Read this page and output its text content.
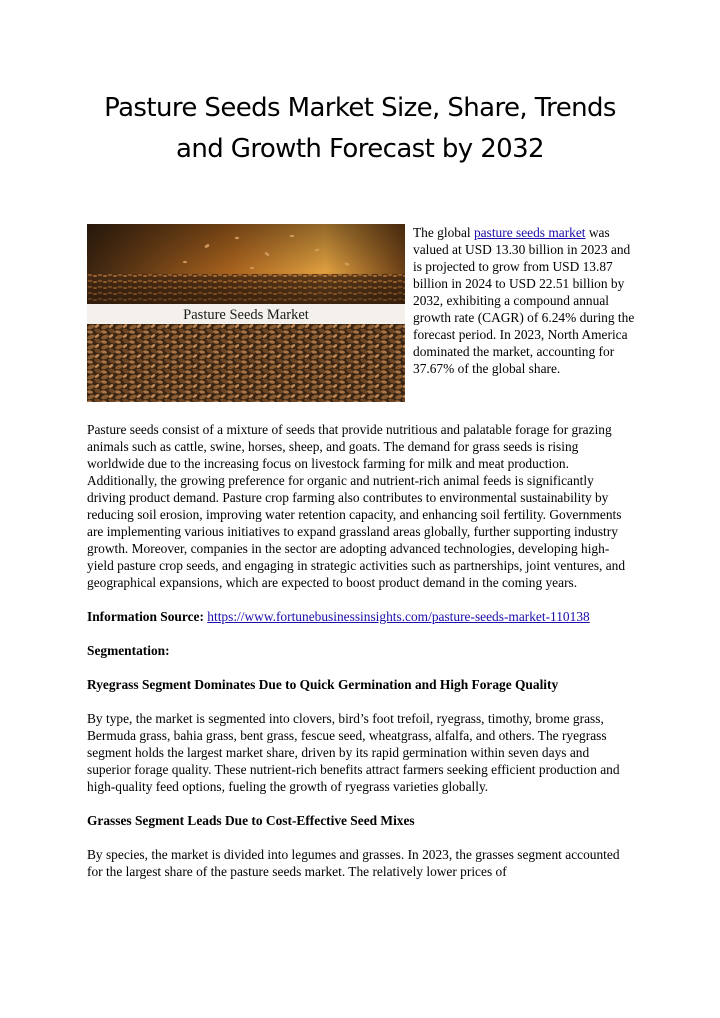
Pasture Seeds Market Size, Share, Trends
and Growth Forecast by 2032
Pasture Seeds Market
The global pasture seeds market was valued at USD 13.30 billion in 2023 and is projected to grow from USD 13.87 billion in 2024 to USD 22.51 billion by 2032, exhibiting a compound annual growth rate (CAGR) of 6.24% during the forecast period. In 2023, North America dominated the market, accounting for 37.67% of the global share.

Pasture seeds consist of a mixture of seeds that provide nutritious and palatable forage for grazing animals such as cattle, swine, horses, sheep, and goats. The demand for grass seeds is rising worldwide due to the increasing focus on livestock farming for milk and meat production. Additionally, the growing preference for organic and nutrient-rich animal feeds is significantly driving product demand. Pasture crop farming also contributes to environmental sustainability by reducing soil erosion, improving water retention capacity, and enhancing soil fertility. Governments are implementing various initiatives to expand grassland areas globally, further supporting industry growth. Moreover, companies in the sector are adopting advanced technologies, developing high-yield pasture crop seeds, and engaging in strategic activities such as partnerships, joint ventures, and geographical expansions, which are expected to boost product demand in the coming years.

Information Source: https://www.fortunebusinessinsights.com/pasture-seeds-market-110138

Segmentation:

Ryegrass Segment Dominates Due to Quick Germination and High Forage Quality

By type, the market is segmented into clovers, bird’s foot trefoil, ryegrass, timothy, brome grass, Bermuda grass, bahia grass, bent grass, fescue seed, wheatgrass, alfalfa, and others. The ryegrass segment holds the largest market share, driven by its rapid germination within seven days and superior forage quality. These nutrient-rich benefits attract farmers seeking efficient production and high-quality feed options, fueling the growth of ryegrass varieties globally.

Grasses Segment Leads Due to Cost-Effective Seed Mixes

By species, the market is divided into legumes and grasses. In 2023, the grasses segment accounted for the largest share of the pasture seeds market. The relatively lower prices of
